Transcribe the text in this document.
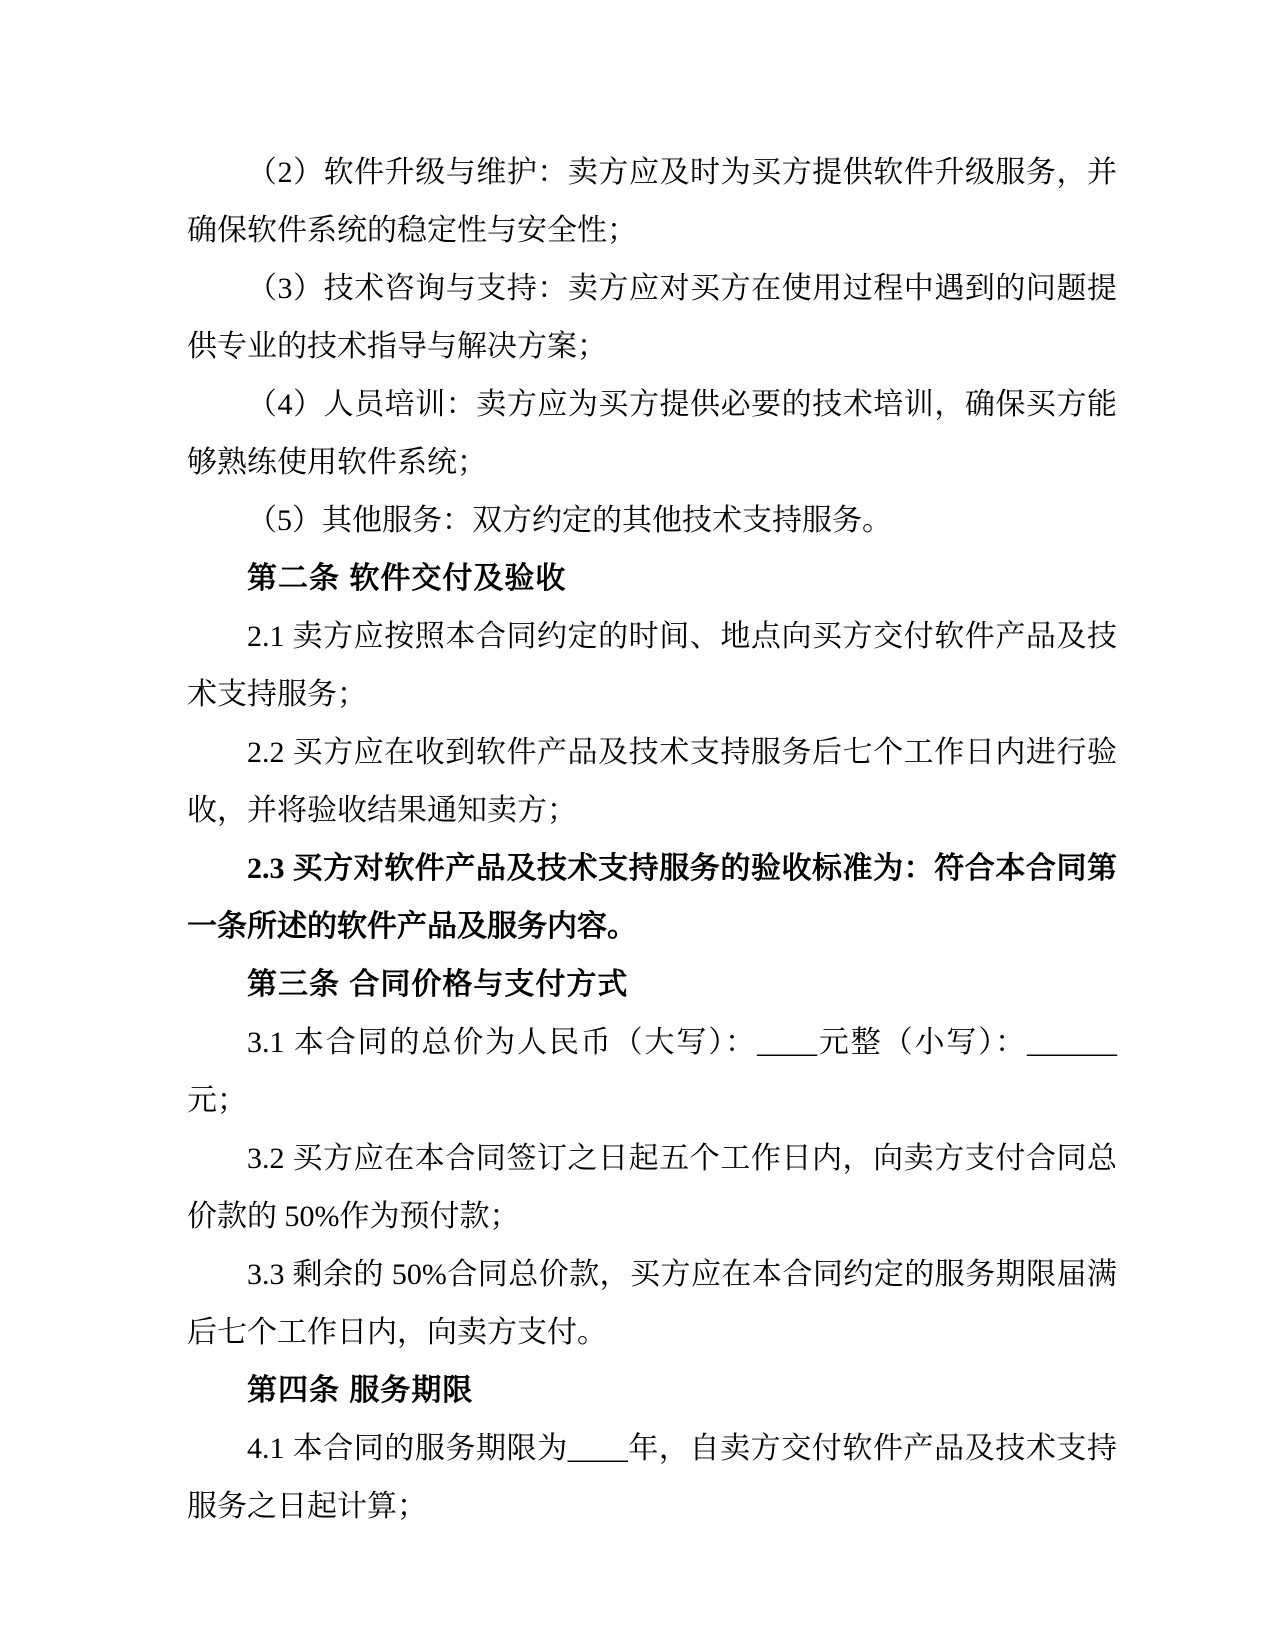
（2）软件升级与维护：卖方应及时为买方提供软件升级服务，并确保软件系统的稳定性与安全性；

（3）技术咨询与支持：卖方应对买方在使用过程中遇到的问题提供专业的技术指导与解决方案；

（4）人员培训：卖方应为买方提供必要的技术培训，确保买方能够熟练使用软件系统；

（5）其他服务：双方约定的其他技术支持服务。

第二条 软件交付及验收

2.1 卖方应按照本合同约定的时间、地点向买方交付软件产品及技术支持服务；

2.2 买方应在收到软件产品及技术支持服务后七个工作日内进行验收，并将验收结果通知卖方；

2.3 买方对软件产品及技术支持服务的验收标准为：符合本合同第一条所述的软件产品及服务内容。

第三条 合同价格与支付方式

3.1 本合同的总价为人民币（大写）：____元整（小写）：______元；

3.2 买方应在本合同签订之日起五个工作日内，向卖方支付合同总价款的 50%作为预付款；

3.3 剩余的 50%合同总价款，买方应在本合同约定的服务期限届满后七个工作日内，向卖方支付。

第四条 服务期限

4.1 本合同的服务期限为____年，自卖方交付软件产品及技术支持服务之日起计算；
